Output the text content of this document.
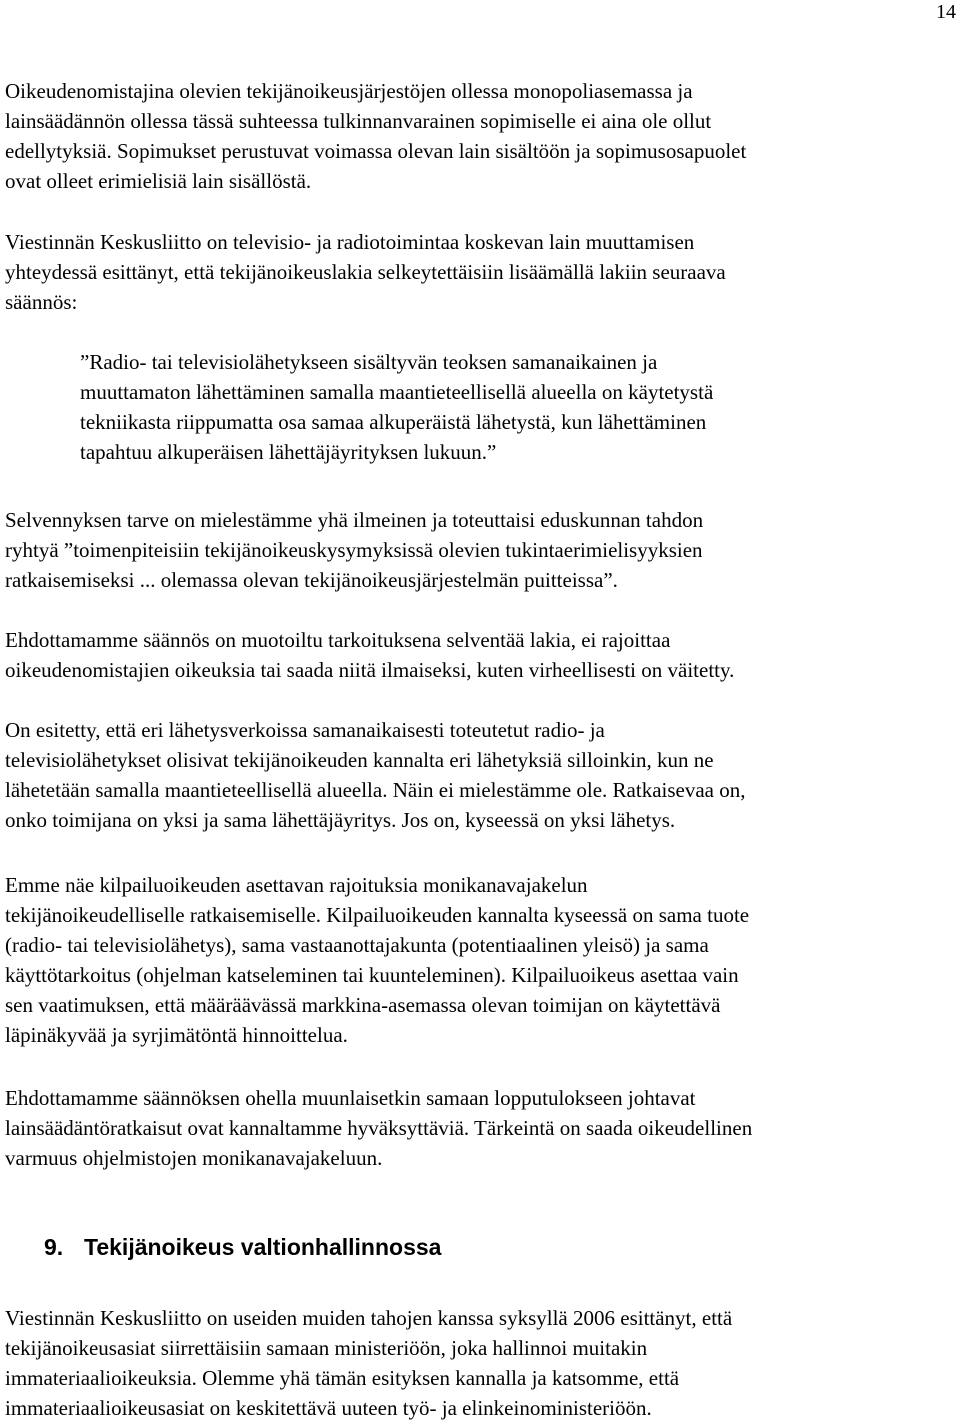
14

Oikeudenomistajina olevien tekijänoikeusjärjestöjen ollessa monopoliasemassa ja
lainsäädännön ollessa tässä suhteessa tulkinnanvarainen sopimiselle ei aina ole ollut
edellytyksiä. Sopimukset perustuvat voimassa olevan lain sisältöön ja sopimusosapuolet
ovat olleet erimielisiä lain sisällöstä.

Viestinnän Keskusliitto on televisio- ja radiotoimintaa koskevan lain muuttamisen
yhteydessä esittänyt, että tekijänoikeuslakia selkeytettäisiin lisäämällä lakiin seuraava
säännös:

”Radio- tai televisiolähetykseen sisältyvän teoksen samanaikainen ja
muuttamaton lähettäminen samalla maantieteellisellä alueella on käytetystä
tekniikasta riippumatta osa samaa alkuperäistä lähetystä, kun lähettäminen
tapahtuu alkuperäisen lähettäjäyrityksen lukuun.”

Selvennyksen tarve on mielestämme yhä ilmeinen ja toteuttaisi eduskunnan tahdon
ryhtyä ”toimenpiteisiin tekijänoikeuskysymyksissä olevien tukintaerimielisyyksien
ratkaisemiseksi ... olemassa olevan tekijänoikeusjärjestelmän puitteissa”.

Ehdottamamme säännös on muotoiltu tarkoituksena selventää lakia, ei rajoittaa
oikeudenomistajien oikeuksia tai saada niitä ilmaiseksi, kuten virheellisesti on väitetty.

On esitetty, että eri lähetysverkoissa samanaikaisesti toteutetut radio- ja
televisiolähetykset olisivat tekijänoikeuden kannalta eri lähetyksiä silloinkin, kun ne
lähetetään samalla maantieteellisellä alueella. Näin ei mielestämme ole. Ratkaisevaa on,
onko toimijana on yksi ja sama lähettäjäyritys. Jos on, kyseessä on yksi lähetys.

Emme näe kilpailuoikeuden asettavan rajoituksia monikanavajakelun
tekijänoikeudelliselle ratkaisemiselle. Kilpailuoikeuden kannalta kyseessä on sama tuote
(radio- tai televisiolähetys), sama vastaanottajakunta (potentiaalinen yleisö) ja sama
käyttötarkoitus (ohjelman katseleminen tai kuunteleminen). Kilpailuoikeus asettaa vain
sen vaatimuksen, että määräävässä markkina-asemassa olevan toimijan on käytettävä
läpinäkyvää ja syrjimätöntä hinnoittelua.

Ehdottamamme säännöksen ohella muunlaisetkin samaan lopputulokseen johtavat
lainsäädäntöratkaisut ovat kannaltamme hyväksyttäviä. Tärkeintä on saada oikeudellinen
varmuus ohjelmistojen monikanavajakeluun.

9. Tekijänoikeus valtionhallinnossa

Viestinnän Keskusliitto on useiden muiden tahojen kanssa syksyllä 2006 esittänyt, että
tekijänoikeusasiat siirrettäisiin samaan ministeriöön, joka hallinnoi muitakin
immateriaalioikeuksia. Olemme yhä tämän esityksen kannalla ja katsomme, että
immateriaalioikeusasiat on keskitettävä uuteen työ- ja elinkeinoministeriöön.
